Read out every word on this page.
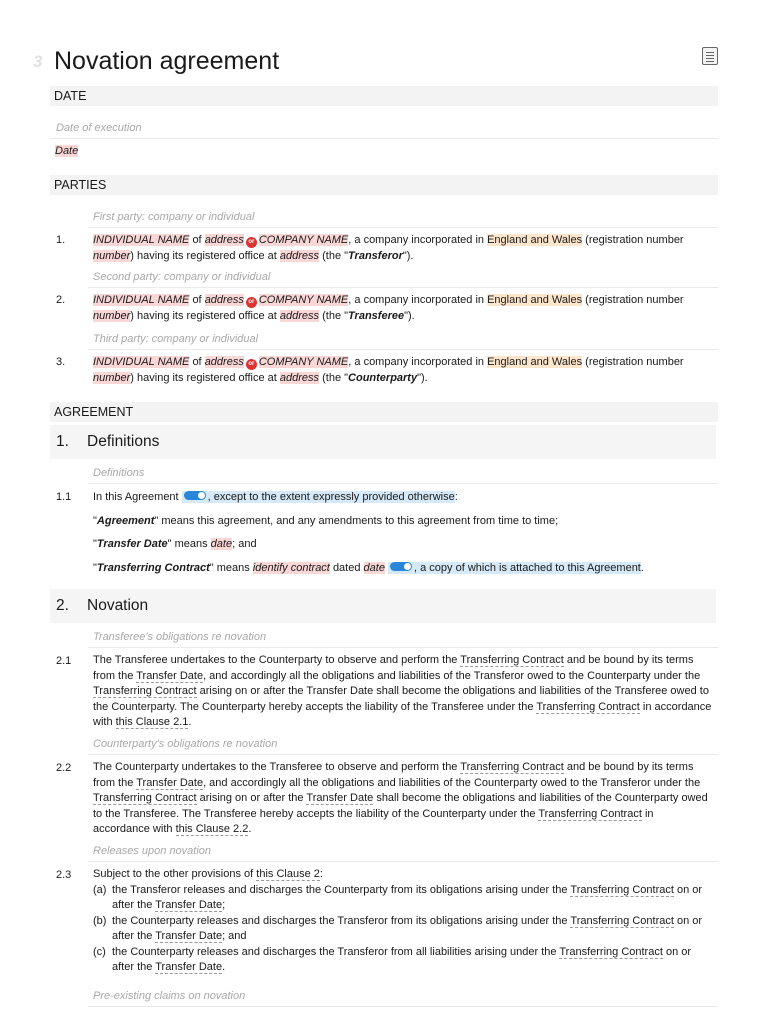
3 Novation agreement
DATE
Date of execution
Date
PARTIES
First party: company or individual
1.	INDIVIDUAL NAME of address or COMPANY NAME, a company incorporated in England and Wales (registration number
number) having its registered office at address (the "Transferor").
Second party: company or individual
2.	INDIVIDUAL NAME of address or COMPANY NAME, a company incorporated in England and Wales (registration number
number) having its registered office at address (the "Transferee").
Third party: company or individual
3.	INDIVIDUAL NAME of address or COMPANY NAME, a company incorporated in England and Wales (registration number
number) having its registered office at address (the "Counterparty").
AGREEMENT
1. Definitions
Definitions
1.1 In this Agreement	, except to the extent expressly provided otherwise:

"Agreement" means this agreement, and any amendments to this agreement from time to time;

"Transfer Date" means date; and

"Transferring Contract" means identify contract dated date	, a copy of which is attached to this Agreement.

2. Novation
Transferee's obligations re novation
2.1 The Transferee undertakes to the Counterparty to observe and perform the Transferring Contract and be bound by its terms from the Transfer Date, and accordingly all the obligations and liabilities of the Transferor owed to the Counterparty under the Transferring Contract arising on or after the Transfer Date shall become the obligations and liabilities of the Transferee owed to the Counterparty. The Counterparty hereby accepts the liability of the Transferee under the Transferring Contract in accordance with this Clause 2.1.
Counterparty's obligations re novation
2.2 The Counterparty undertakes to the Transferee to observe and perform the Transferring Contract and be bound by its terms from the Transfer Date, and accordingly all the obligations and liabilities of the Counterparty owed to the Transferor under the Transferring Contract arising on or after the Transfer Date shall become the obligations and liabilities of the Counterparty owed to the Transferee. The Transferee hereby accepts the liability of the Counterparty under the Transferring Contract in accordance with this Clause 2.2.
Releases upon novation
2.3 Subject to the other provisions of this Clause 2:
(a) the Transferor releases and discharges the Counterparty from its obligations arising under the Transferring Contract on or after the Transfer Date;
(b) the Counterparty releases and discharges the Transferor from its obligations arising under the Transferring Contract on or after the Transfer Date; and
(c) the Counterparty releases and discharges the Transferor from all liabilities arising under the Transferring Contract on or after the Transfer Date.
Pre-existing claims on novation
